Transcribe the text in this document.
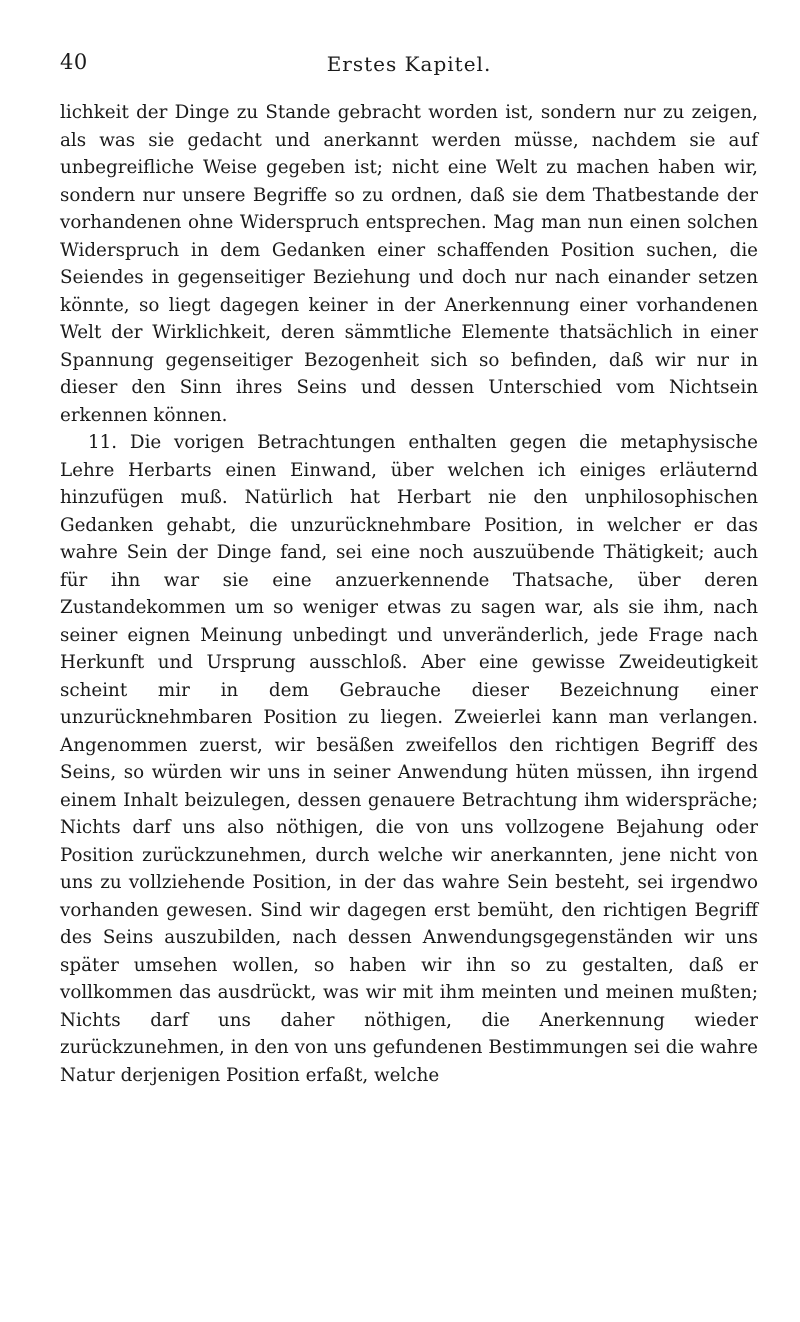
40	Erstes Kapitel.

lichkeit der Dinge zu Stande gebracht worden ist, sondern nur zu zeigen, als was sie gedacht und anerkannt werden müsse, nachdem sie auf unbegreifliche Weise gegeben ist; nicht eine Welt zu machen haben wir, sondern nur unsere Begriffe so zu ordnen, daß sie dem Thatbestande der vorhandenen ohne Widerspruch entsprechen. Mag man nun einen solchen Widerspruch in dem Gedanken einer schaffenden Position suchen, die Seiendes in gegenseitiger Beziehung und doch nur nach einander setzen könnte, so liegt dagegen keiner in der Anerkennung einer vorhandenen Welt der Wirklichkeit, deren sämmtliche Elemente thatsächlich in einer Spannung gegenseitiger Bezogenheit sich so befinden, daß wir nur in dieser den Sinn ihres Seins und dessen Unterschied vom Nichtsein erkennen können.

11. Die vorigen Betrachtungen enthalten gegen die metaphysische Lehre Herbarts einen Einwand, über welchen ich einiges erläuternd hinzufügen muß. Natürlich hat Herbart nie den unphilosophischen Gedanken gehabt, die unzurücknehmbare Position, in welcher er das wahre Sein der Dinge fand, sei eine noch auszuübende Thätigkeit; auch für ihn war sie eine anzuerkennende Thatsache, über deren Zustandekommen um so weniger etwas zu sagen war, als sie ihm, nach seiner eignen Meinung unbedingt und unveränderlich, jede Frage nach Herkunft und Ursprung ausschloß. Aber eine gewisse Zweideutigkeit scheint mir in dem Gebrauche dieser Bezeichnung einer unzurücknehmbaren Position zu liegen. Zweierlei kann man verlangen. Angenommen zuerst, wir besäßen zweifellos den richtigen Begriff des Seins, so würden wir uns in seiner Anwendung hüten müssen, ihn irgend einem Inhalt beizulegen, dessen genauere Betrachtung ihm widerspräche; Nichts darf uns also nöthigen, die von uns vollzogene Bejahung oder Position zurückzunehmen, durch welche wir anerkannten, jene nicht von uns zu vollziehende Position, in der das wahre Sein besteht, sei irgendwo vorhanden gewesen. Sind wir dagegen erst bemüht, den richtigen Begriff des Seins auszubilden, nach dessen Anwendungsgegenständen wir uns später umsehen wollen, so haben wir ihn so zu gestalten, daß er vollkommen das ausdrückt, was wir mit ihm meinten und meinen mußten; Nichts darf uns daher nöthigen, die Anerkennung wieder zurückzunehmen, in den von uns gefundenen Bestimmungen sei die wahre Natur derjenigen Position erfaßt, welche
